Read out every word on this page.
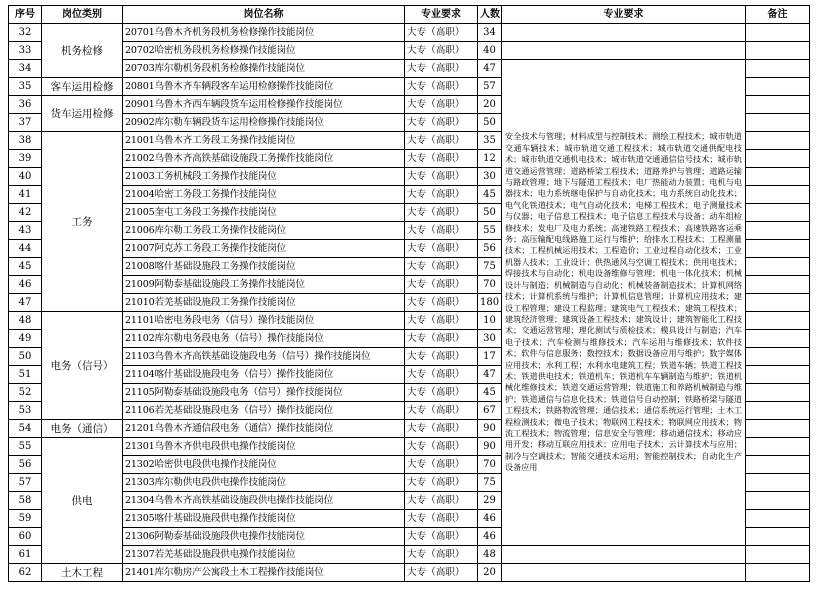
序号	岗位类别	岗位名称	专业要求	人数	专业要求	备注
32	机务检修	20701乌鲁木齐机务段机务检修操作技能岗位	大专（高职）	34		
33		20702哈密机务段机务检修操作技能岗位	大专（高职）	40		
34		20703库尔勒机务段机务检修操作技能岗位	大专（高职）	47	安全技术与管理；材料成型与控制技术；测绘工程技术；城市轨道交通车辆技术；城市轨道交通工程技术；城市轨道交通供配电技术；城市轨道交通机电技术；城市轨道交通通信信号技术；城市轨道交通运营管理；道路桥梁工程技术；道路养护与管理；道路运输与路政管理；地下与隧道工程技术；电厂热能动力装置；电机与电器技术；电力系统继电保护与自动化技术；电力系统自动化技术；电气化铁道技术；电气自动化技术；电梯工程技术；电子测量技术与仪器；电子信息工程技术；电子信息工程技术与设备；动车组检修技术；发电厂及电力系统；高速铁路工程技术；高速铁路客运乘务；高压输配电线路施工运行与维护；给排水工程技术；工程测量技术；工程机械运用技术；工程造价；工业过程自动化技术；工业机器人技术；工业设计；供热通风与空调工程技术；供用电技术；焊接技术与自动化；机电设备维修与管理；机电一体化技术；机械设计与制造；机械制造与自动化；机械装备制造技术；计算机网络技术；计算机系统与维护；计算机信息管理；计算机应用技术；建设工程管理；建设工程监理；建筑电气工程技术；建筑工程技术；建筑经济管理；建筑设备工程技术；建筑设计；建筑智能化工程技术；交通运营管理；理化测试与质检技术；模具设计与制造；汽车电子技术；汽车检测与维修技术；汽车运用与维修技术；软件技术；软件与信息服务；数控技术；数据设备应用与维护；数字媒体应用技术；水利工程；水利水电建筑工程；铁道车辆；铁道工程技术；铁道供电技术；铁道机车；铁道机车车辆制造与维护；铁道机械化维修技术；铁道交通运营管理；铁道施工和养路机械制造与维护；铁道通信与信息化技术；铁道信号自动控制；铁路桥梁与隧道工程技术；铁路物流管理；通信技术；通信系统运行管理；土木工程检测技术；微电子技术；物联网工程技术；物联网应用技术；物流工程技术；物流管理；信息安全与管理；移动通信技术；移动应用开发；移动互联应用技术；应用电子技术；云计算技术与应用；制冷与空调技术；智能交通技术运用；智能控制技术；自动化生产设备应用	
35	客车运用检修	20801乌鲁木齐车辆段客车运用检修操作技能岗位	大专（高职）	57		
36	货车运用检修	20901乌鲁木齐西车辆段货车运用检修操作技能岗位	大专（高职）	20		
37		20902库尔勒车辆段货车运用检修操作技能岗位	大专（高职）	50		
38	工务	21001乌鲁木齐工务段工务操作技能岗位	大专（高职）	35		
39		21002乌鲁木齐高铁基础设施段工务操作技能岗位	大专（高职）	12		
40		21003工务机械段工务操作技能岗位	大专（高职）	30		
41		21004哈密工务段工务操作技能岗位	大专（高职）	45		
42		21005奎屯工务段工务操作技能岗位	大专（高职）	50		
43		21006库尔勒工务段工务操作技能岗位	大专（高职）	55		
44		21007阿克苏工务段工务操作技能岗位	大专（高职）	56		
45		21008喀什基础设施段工务操作技能岗位	大专（高职）	75		
46		21009阿勒泰基础设施段工务操作技能岗位	大专（高职）	70		
47		21010若羌基础设施段工务操作技能岗位	大专（高职）	180		
48	电务（信号）	21101哈密电务段电务（信号）操作技能岗位	大专（高职）	10		
49		21102库尔勒电务段电务（信号）操作技能岗位	大专（高职）	30		
50		21103乌鲁木齐高铁基础设施段电务（信号）操作技能岗位	大专（高职）	17		
51		21104喀什基础设施段电务（信号）操作技能岗位	大专（高职）	47		
52		21105阿勒泰基础设施段电务（信号）操作技能岗位	大专（高职）	45		
53		21106若羌基础设施段电务（信号）操作技能岗位	大专（高职）	67		
54	电务（通信）	21201乌鲁木齐通信段电务（通信）操作技能岗位	大专（高职）	90		
55	供电	21301乌鲁木齐供电段供电操作技能岗位	大专（高职）	90		
56		21302哈密供电段供电操作技能岗位	大专（高职）	70		
57		21303库尔勒供电段供电操作技能岗位	大专（高职）	75		
58		21304乌鲁木齐高铁基础设施段供电操作技能岗位	大专（高职）	29		
59		21305喀什基础设施段供电操作技能岗位	大专（高职）	46		
60		21306阿勒泰基础设施段供电操作技能岗位	大专（高职）	46		
61		21307若羌基础设施段供电操作技能岗位	大专（高职）	48		
62	土木工程	21401库尔勒房产公寓段土木工程操作技能岗位	大专（高职）	20		
